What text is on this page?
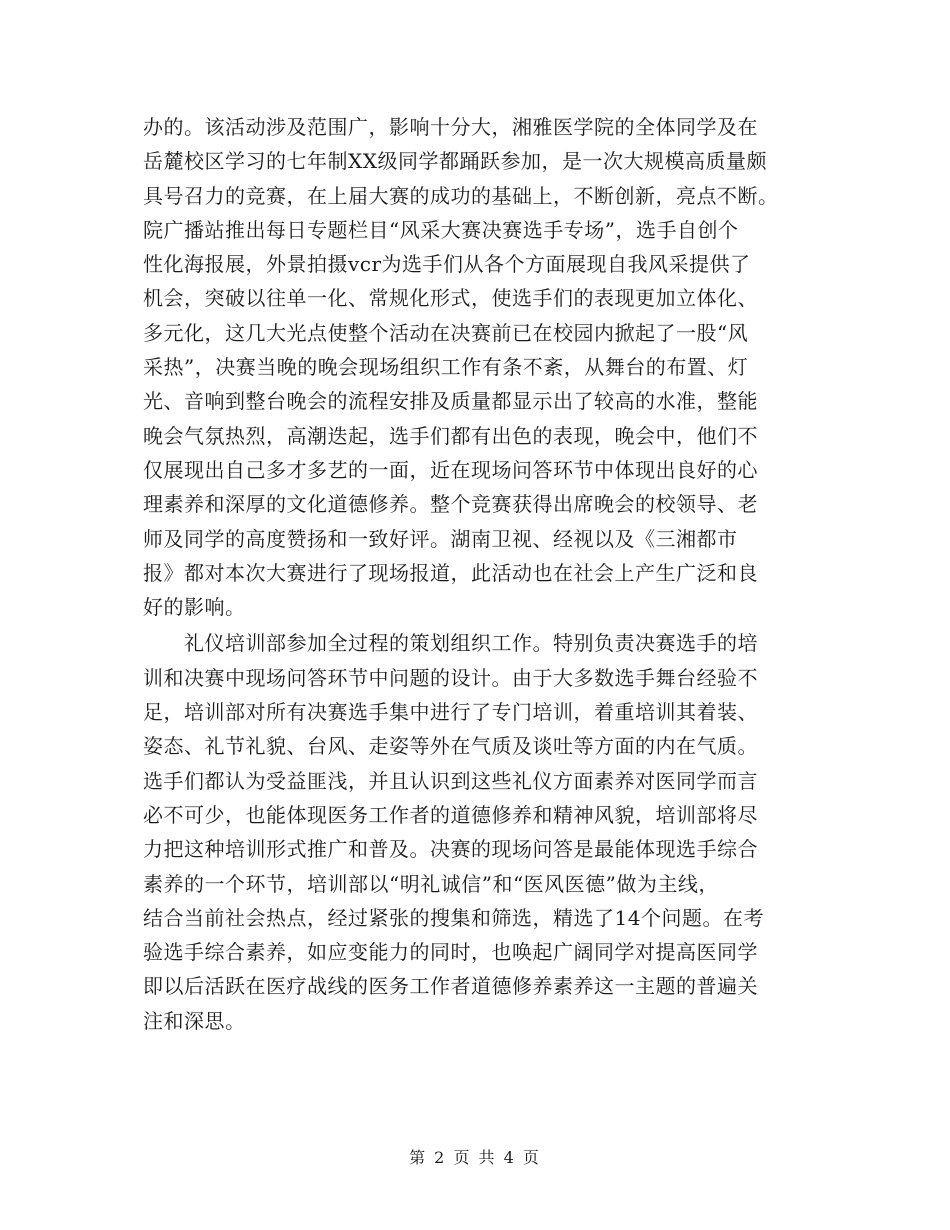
办的。该活动涉及范围广，影响十分大，湘雅医学院的全体同学及在
岳麓校区学习的七年制XX级同学都踊跃参加，是一次大规模高质量颇
具号召力的竞赛，在上届大赛的成功的基础上，不断创新，亮点不断。
院广播站推出每日专题栏目“风采大赛决赛选手专场”，选手自创个
性化海报展，外景拍摄vcr为选手们从各个方面展现自我风采提供了
机会，突破以往单一化、常规化形式，使选手们的表现更加立体化、
多元化，这几大光点使整个活动在决赛前已在校园内掀起了一股“风
采热”，决赛当晚的晚会现场组织工作有条不紊，从舞台的布置、灯
光、音响到整台晚会的流程安排及质量都显示出了较高的水准，整能
晚会气氛热烈，高潮迭起，选手们都有出色的表现，晚会中，他们不
仅展现出自己多才多艺的一面，近在现场问答环节中体现出良好的心
理素养和深厚的文化道德修养。整个竞赛获得出席晚会的校领导、老
师及同学的高度赞扬和一致好评。湖南卫视、经视以及《三湘都市
报》都对本次大赛进行了现场报道，此活动也在社会上产生广泛和良
好的影响。
　　礼仪培训部参加全过程的策划组织工作。特别负责决赛选手的培
训和决赛中现场问答环节中问题的设计。由于大多数选手舞台经验不
足，培训部对所有决赛选手集中进行了专门培训，着重培训其着装、
姿态、礼节礼貌、台风、走姿等外在气质及谈吐等方面的内在气质。
选手们都认为受益匪浅，并且认识到这些礼仪方面素养对医同学而言
必不可少，也能体现医务工作者的道德修养和精神风貌，培训部将尽
力把这种培训形式推广和普及。决赛的现场问答是最能体现选手综合
素养的一个环节，培训部以“明礼诚信”和“医风医德”做为主线，
结合当前社会热点，经过紧张的搜集和筛选，精选了14个问题。在考
验选手综合素养，如应变能力的同时，也唤起广阔同学对提高医同学
即以后活跃在医疗战线的医务工作者道德修养素养这一主题的普遍关
注和深思。
第 2 页 共 4 页
